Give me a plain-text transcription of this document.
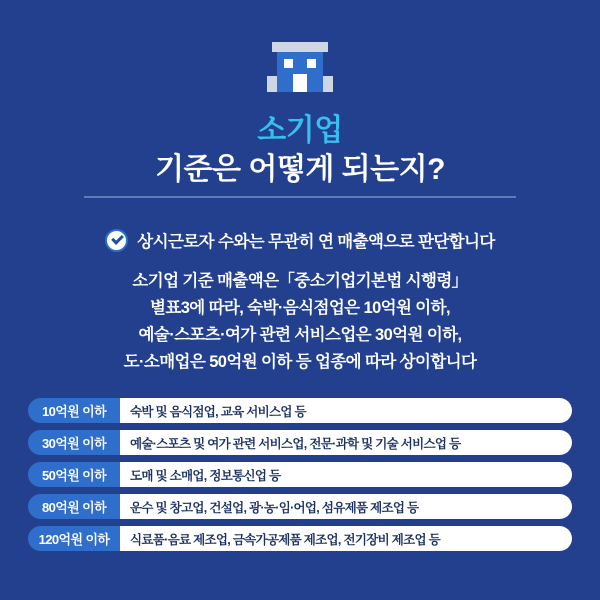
소기업
기준은 어떻게 되는지?
상시근로자 수와는 무관히 연 매출액으로 판단합니다
소기업 기준 매출액은「중소기업기본법 시행령」
별표3에 따라, 숙박·음식점업은 10억원 이하,
예술·스포츠·여가 관련 서비스업은 30억원 이하,
도·소매업은 50억원 이하 등 업종에 따라 상이합니다
10억원 이하	숙박 및 음식점업, 교육 서비스업 등
30억원 이하	예술·스포츠 및 여가 관련 서비스업, 전문·과학 및 기술 서비스업 등
50억원 이하	도매 및 소매업, 정보통신업 등
80억원 이하	운수 및 창고업, 건설업, 광·농·임·어업, 섬유제품 제조업 등
120억원 이하	식료품·음료 제조업, 금속가공제품 제조업, 전기장비 제조업 등
